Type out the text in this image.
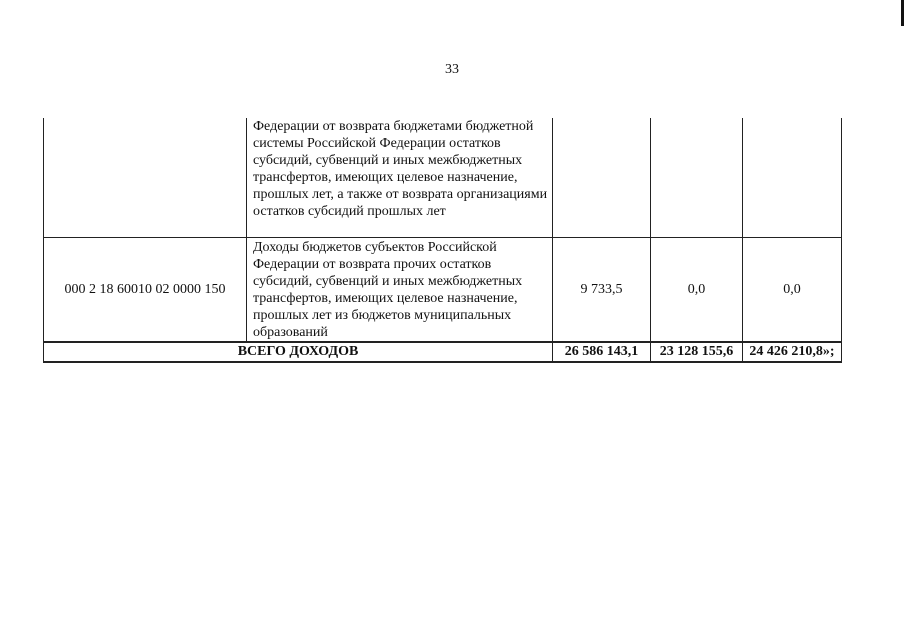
33
	Федерации от возврата бюджетами бюджетной системы Российской Федерации остатков субсидий, субвенций и иных межбюджетных трансфертов, имеющих целевое назначение, прошлых лет, а также от возврата организациями остатков субсидий прошлых лет			
000 2 18 60010 02 0000 150	Доходы бюджетов субъектов Российской Федерации от возврата прочих остатков субсидий, субвенций и иных межбюджетных трансфертов, имеющих целевое назначение, прошлых лет из бюджетов муниципальных образований	9 733,5	0,0	0,0
ВСЕГО ДОХОДОВ		26 586 143,1	23 128 155,6	24 426 210,8»;
